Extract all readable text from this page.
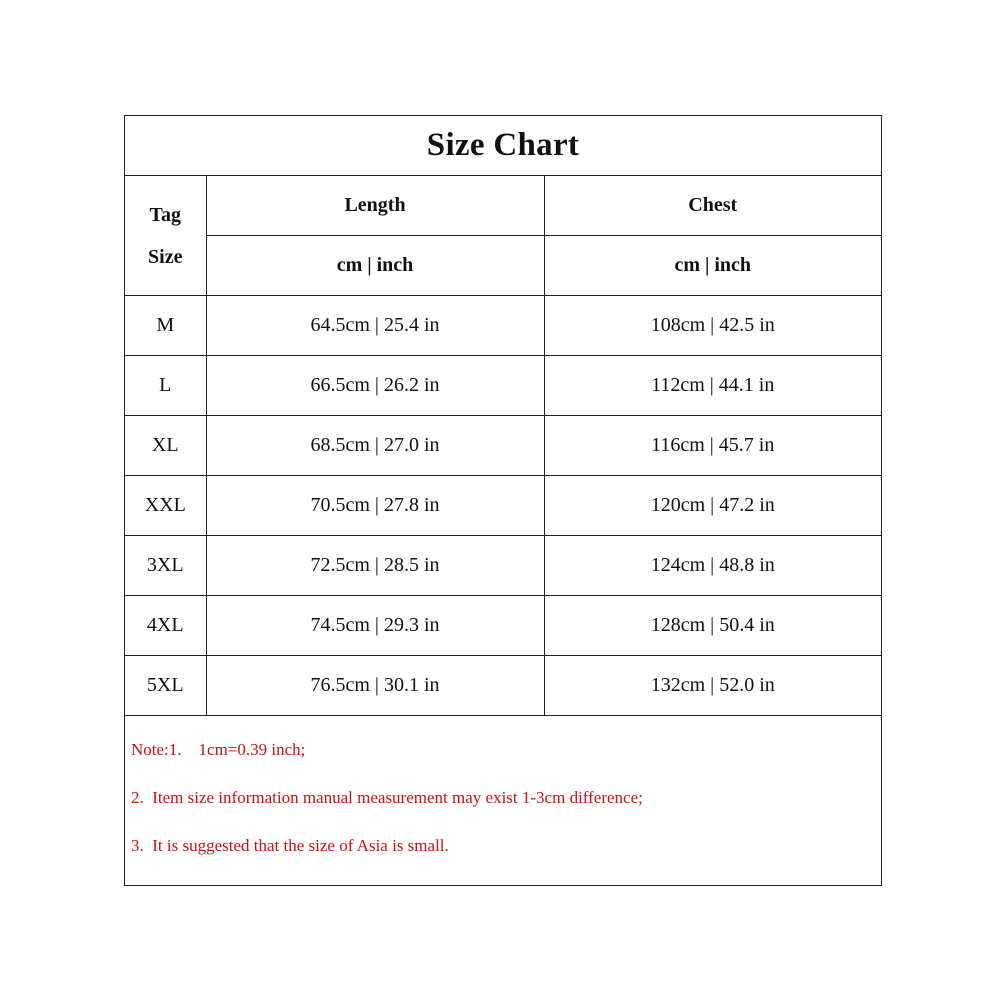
Size Chart		

Tag
Size	Length	Chest
	cm | inch	cm | inch
M	64.5cm | 25.4 in	108cm | 42.5 in
L	66.5cm | 26.2 in	112cm | 44.1 in
XL	68.5cm | 27.0 in	116cm | 45.7 in
XXL	70.5cm | 27.8 in	120cm | 47.2 in
3XL	72.5cm | 28.5 in	124cm | 48.8 in
4XL	74.5cm | 29.3 in	128cm | 50.4 in
5XL	76.5cm | 30.1 in	132cm | 52.0 in
Note:1.    1cm=0.39 inch;
2.  Item size information manual measurement may exist 1-3cm difference;
3.  It is suggested that the size of Asia is small.
